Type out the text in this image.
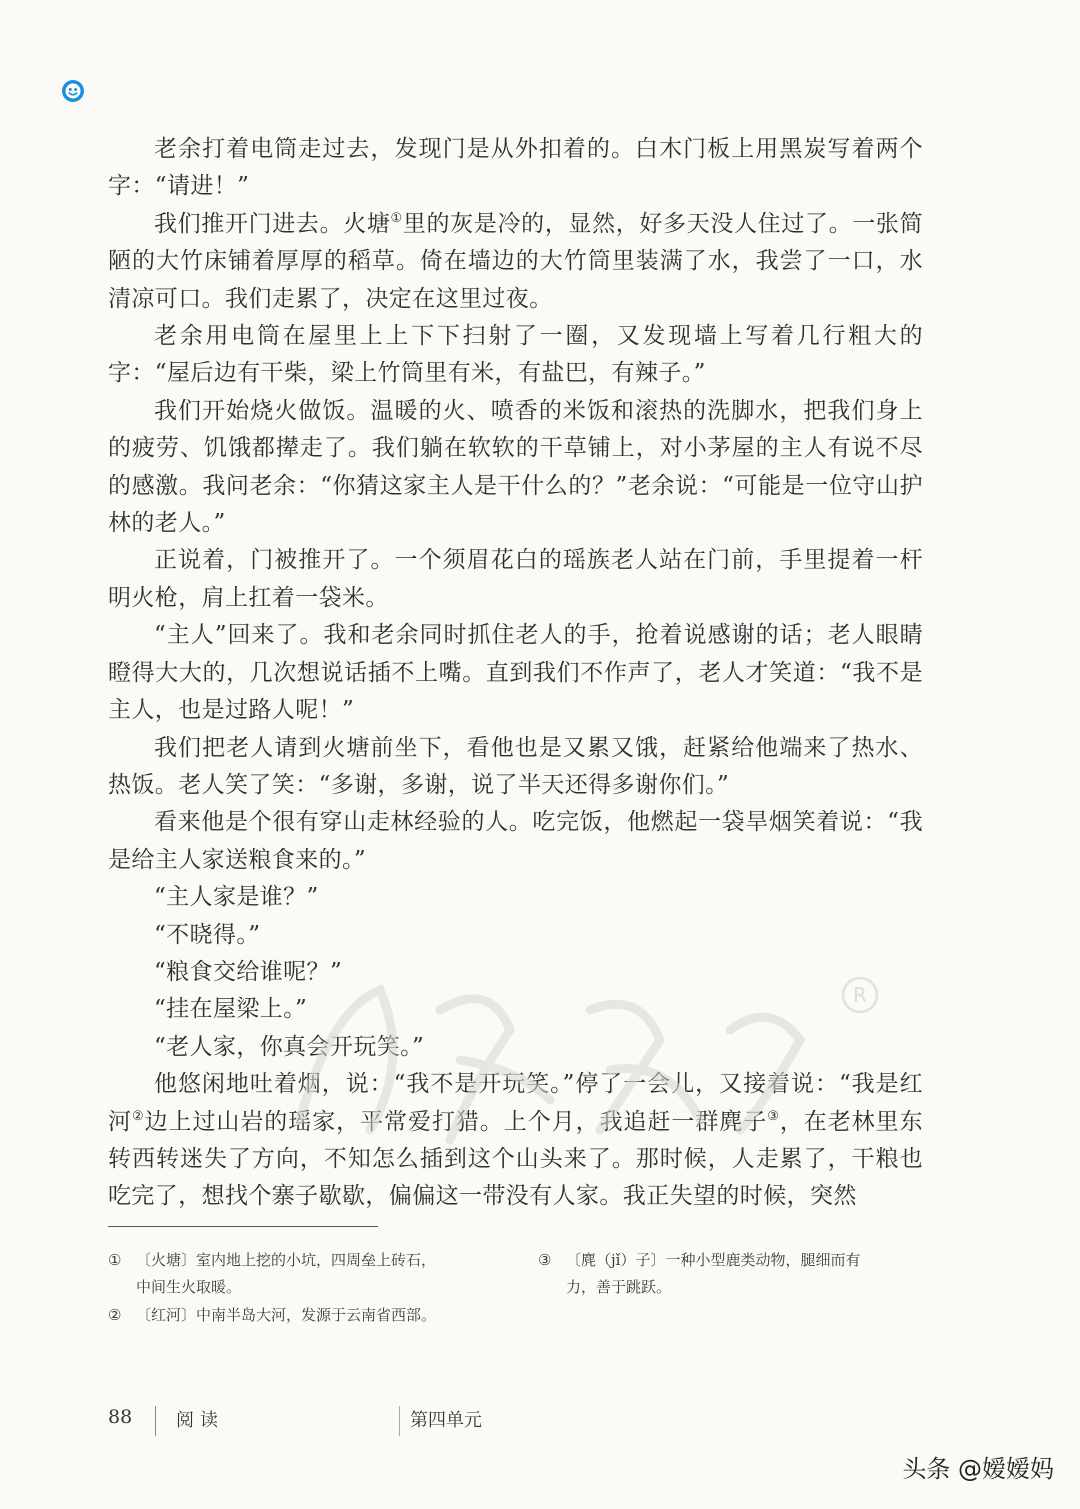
老余打着电筒走过去，发现门是从外扣着的。白木门板上用黑炭写着两个字：“请进！”

我们推开门进去。火塘①里的灰是冷的，显然，好多天没人住过了。一张简陋的大竹床铺着厚厚的稻草。倚在墙边的大竹筒里装满了水，我尝了一口，水清凉可口。我们走累了，决定在这里过夜。

老余用电筒在屋里上上下下扫射了一圈，又发现墙上写着几行粗大的字：“屋后边有干柴，梁上竹筒里有米，有盐巴，有辣子。”

我们开始烧火做饭。温暖的火、喷香的米饭和滚热的洗脚水，把我们身上的疲劳、饥饿都撵走了。我们躺在软软的干草铺上，对小茅屋的主人有说不尽的感激。我问老余：“你猜这家主人是干什么的？”老余说：“可能是一位守山护林的老人。”

正说着，门被推开了。一个须眉花白的瑶族老人站在门前，手里提着一杆明火枪，肩上扛着一袋米。

“主人”回来了。我和老余同时抓住老人的手，抢着说感谢的话；老人眼睛瞪得大大的，几次想说话插不上嘴。直到我们不作声了，老人才笑道：“我不是主人，也是过路人呢！”

我们把老人请到火塘前坐下，看他也是又累又饿，赶紧给他端来了热水、热饭。老人笑了笑：“多谢，多谢，说了半天还得多谢你们。”

看来他是个很有穿山走林经验的人。吃完饭，他燃起一袋旱烟笑着说：“我是给主人家送粮食来的。”

“主人家是谁？”

“不晓得。”

“粮食交给谁呢？”

“挂在屋梁上。”

“老人家，你真会开玩笑。”

他悠闲地吐着烟，说：“我不是开玩笑。”停了一会儿，又接着说：“我是红河②边上过山岩的瑶家，平常爱打猎。上个月，我追赶一群麂子③，在老林里东转西转迷失了方向，不知怎么插到这个山头来了。那时候，人走累了，干粮也吃完了，想找个寨子歇歇，偏偏这一带没有人家。我正失望的时候，突然

R
① 〔火塘〕室内地上挖的小坑，四周垒上砖石，
中间生火取暖。
② 〔红河〕中南半岛大河，发源于云南省西部。
③ 〔麂（jǐ）子〕一种小型鹿类动物，腿细而有
力，善于跳跃。
88 阅读	第四单元
头条 @嫒嫒妈
